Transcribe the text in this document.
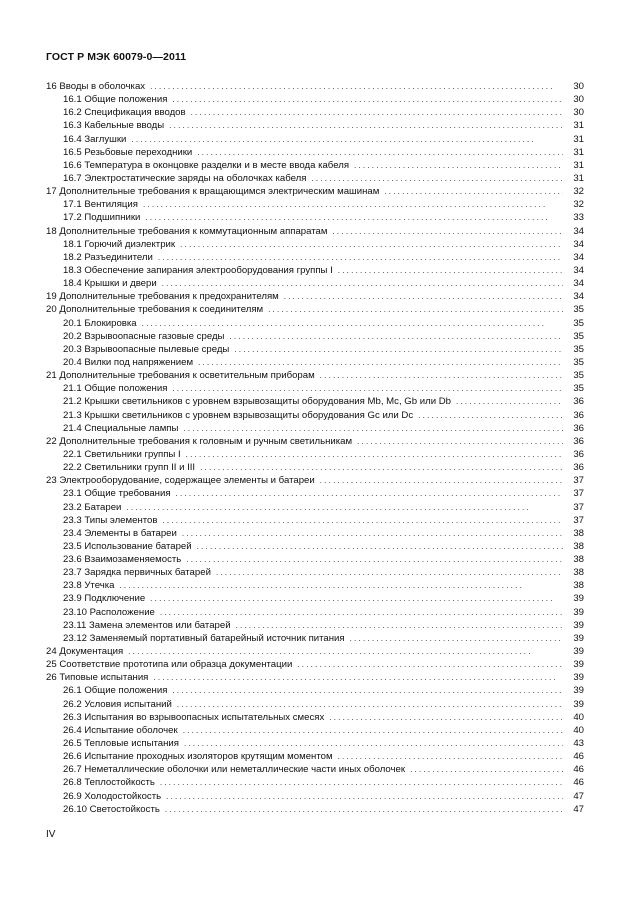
ГОСТ Р МЭК 60079-0—2011
16 Вводы в оболочках . . .	30
16.1 Общие положения . . .	30
16.2 Спецификация вводов . . .	30
16.3 Кабельные вводы . . .	31
16.4 Заглушки . . .	31
16.5 Резьбовые переходники . . .	31
16.6 Температура в оконцовке разделки и в месте ввода кабеля . . .	31
16.7 Электростатические заряды на оболочках кабеля . . .	31
17 Дополнительные требования к вращающимся электрическим машинам . . .	32
17.1 Вентиляция . . .	32
17.2 Подшипники . . .	33
18 Дополнительные требования к коммутационным аппаратам . . .	34
18.1 Горючий диэлектрик . . .	34
18.2 Разъединители . . .	34
18.3 Обеспечение запирания электрооборудования группы I . . .	34
18.4 Крышки и двери . . .	34
19 Дополнительные требования к предохранителям . . .	34
20 Дополнительные требования к соединителям . . .	35
20.1 Блокировка . . .	35
20.2 Взрывоопасные газовые среды . . .	35
20.3 Взрывоопасные пылевые среды . . .	35
20.4 Вилки под напряжением . . .	35
21 Дополнительные требования к осветительным приборам . . .	35
21.1 Общие положения . . .	35
21.2 Крышки светильников с уровнем взрывозащиты оборудования Mb, Mc, Gb или Db . . .	36
21.3 Крышки светильников с уровнем взрывозащиты оборудования Gc или Dc . . .	36
21.4 Специальные лампы . . .	36
22 Дополнительные требования к головным и ручным светильникам . . .	36
22.1 Светильники группы I . . .	36
22.2 Светильники групп II и III . . .	36
23 Электрооборудование, содержащее элементы и батареи . . .	37
23.1 Общие требования . . .	37
23.2 Батареи . . .	37
23.3 Типы элементов . . .	37
23.4 Элементы в батареи . . .	38
23.5 Использование батарей . . .	38
23.6 Взаимозаменяемость . . .	38
23.7 Зарядка первичных батарей . . .	38
23.8 Утечка . . .	38
23.9 Подключение . . .	39
23.10 Расположение . . .	39
23.11 Замена элементов или батарей . . .	39
23.12 Заменяемый портативный батарейный источник питания . . .	39
24 Документация . . .	39
25 Соответствие прототипа или образца документации . . .	39
26 Типовые испытания . . .	39
26.1 Общие положения . . .	39
26.2 Условия испытаний . . .	39
26.3 Испытания во взрывоопасных испытательных смесях . . .	40
26.4 Испытание оболочек . . .	40
26.5 Тепловые испытания . . .	43
26.6 Испытание проходных изоляторов крутящим моментом . . .	46
26.7 Неметаллические оболочки или неметаллические части иных оболочек . . .	46
26.8 Теплостойкость . . .	46
26.9 Холодостойкость . . .	47
26.10 Светостойкость . . .	47
IV
